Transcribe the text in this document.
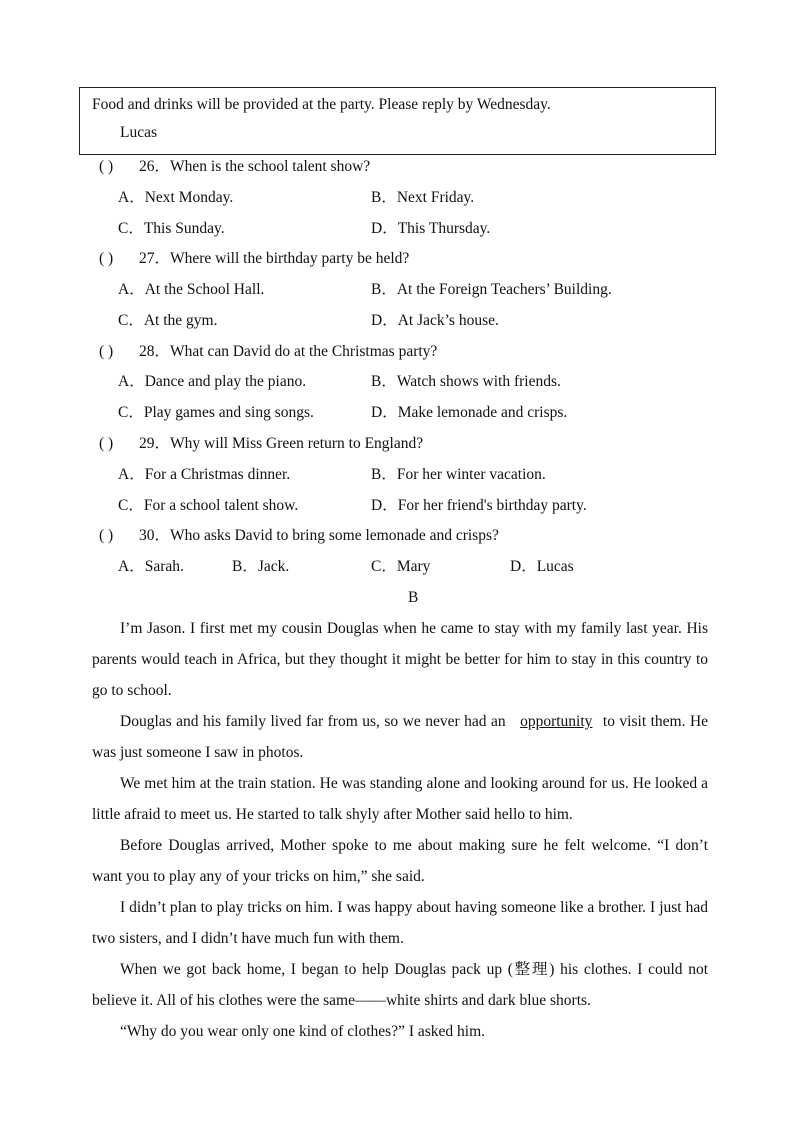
Food and drinks will be provided at the party. Please reply by Wednesday.
Lucas
( ) 26．When is the school talent show?
A．Next Monday.	B．Next Friday.
C．This Sunday.	D．This Thursday.
( ) 27．Where will the birthday party be held?
A．At the School Hall.	B．At the Foreign Teachers’ Building.
C．At the gym.	D．At Jack’s house.
( ) 28．What can David do at the Christmas party?
A．Dance and play the piano.	B．Watch shows with friends.
C．Play games and sing songs.	D．Make lemonade and crisps.
( ) 29．Why will Miss Green return to England?
A．For a Christmas dinner.	B．For her winter vacation.
C．For a school talent show.	D．For her friend's birthday party.
( ) 30．Who asks David to bring some lemonade and crisps?
A．Sarah.	B．Jack.	C．Mary	D．Lucas
B

I’m Jason. I first met my cousin Douglas when he came to stay with my family last year. His parents would teach in Africa, but they thought it might be better for him to stay in this country to go to school.

Douglas and his family lived far from us, so we never had an opportunity to visit them. He was just someone I saw in photos.

We met him at the train station. He was standing alone and looking around for us. He looked a little afraid to meet us. He started to talk shyly after Mother said hello to him.

Before Douglas arrived, Mother spoke to me about making sure he felt welcome. “I don’t want you to play any of your tricks on him,” she said.

I didn’t plan to play tricks on him. I was happy about having someone like a brother. I just had two sisters, and I didn’t have much fun with them.

When we got back home, I began to help Douglas pack up (整理) his clothes. I could not believe it. All of his clothes were the same——white shirts and dark blue shorts.

“Why do you wear only one kind of clothes?” I asked him.
